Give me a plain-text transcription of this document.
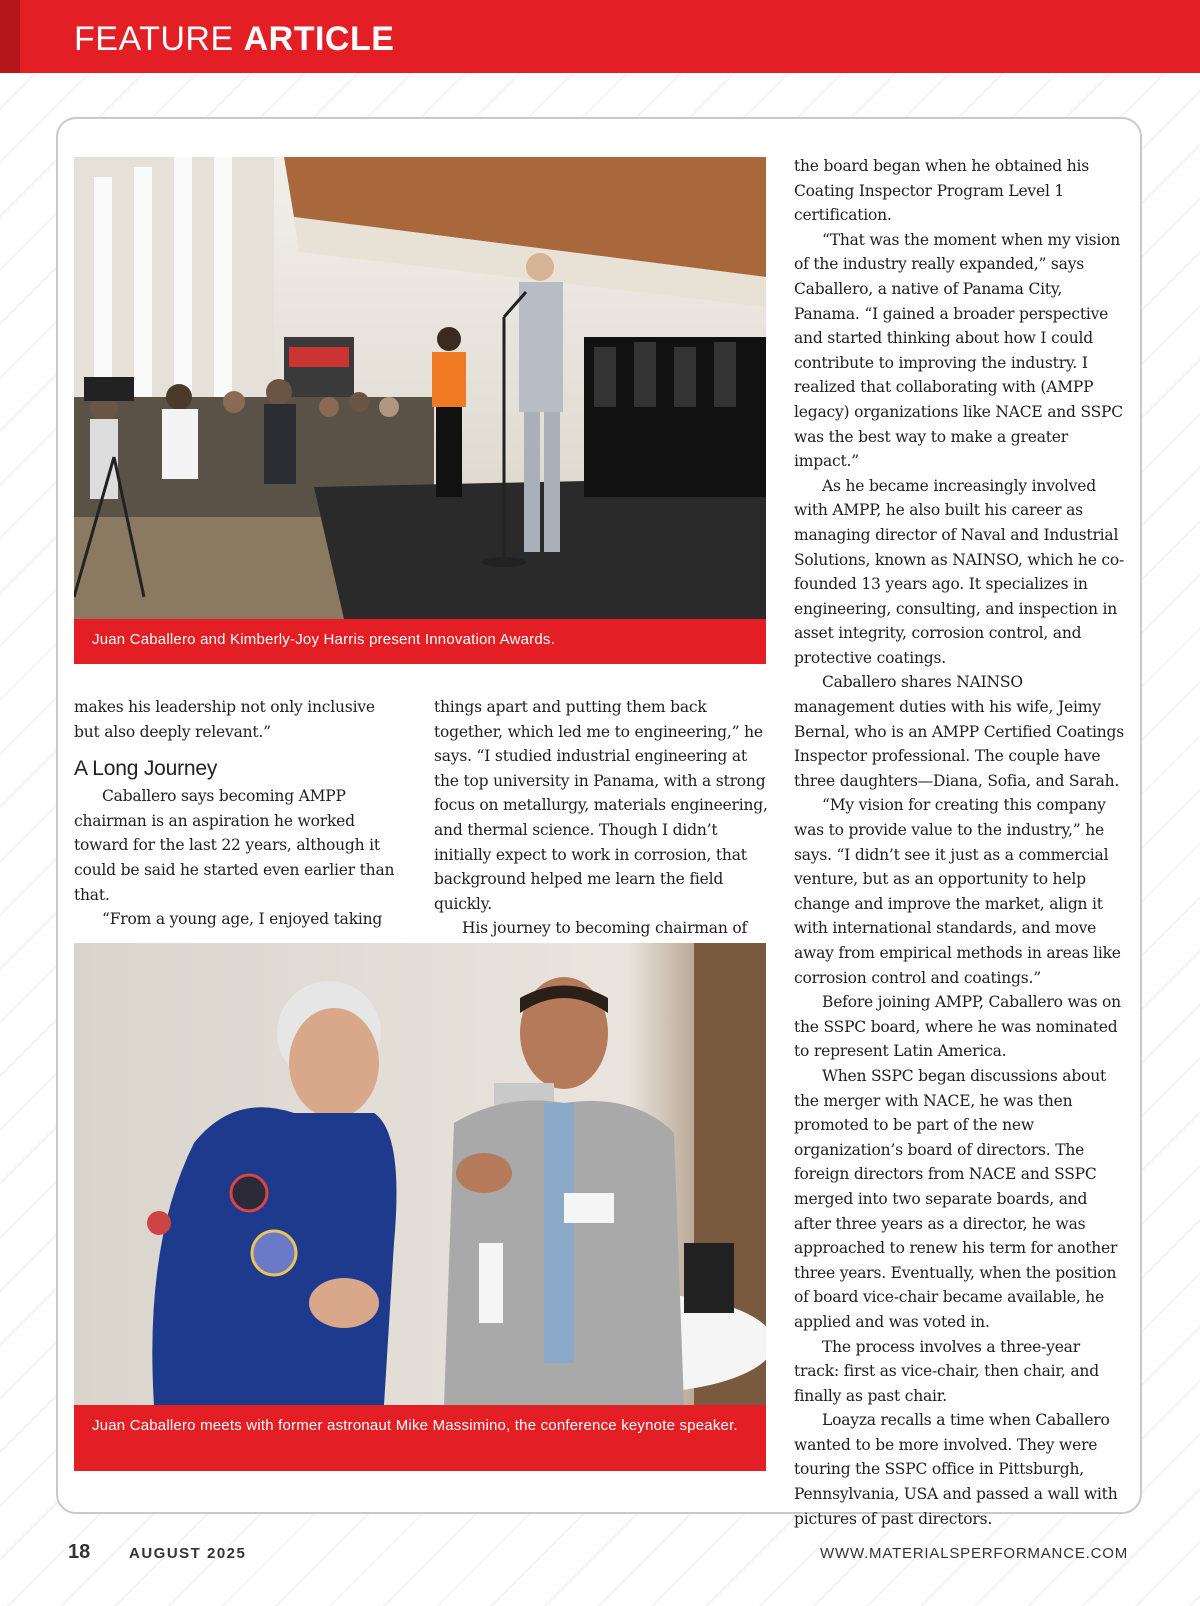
FEATURE ARTICLE
Juan Caballero and Kimberly-Joy Harris present Innovation Awards.

makes his leadership not only inclusive but also deeply relevant.”

A Long Journey

Caballero says becoming AMPP chairman is an aspiration he worked toward for the last 22 years, although it could be said he started even earlier than that.

“From a young age, I enjoyed taking

things apart and putting them back together, which led me to engineering,” he says. “I studied industrial engineering at the top university in Panama, with a strong focus on metallurgy, materials engineering, and thermal science. Though I didn’t initially expect to work in corrosion, that background helped me learn the field quickly.

His journey to becoming chairman of

Juan Caballero meets with former astronaut Mike Massimino, the conference keynote speaker.

the board began when he obtained his Coating Inspector Program Level 1 certification.

“That was the moment when my vision of the industry really expanded,” says Caballero, a native of Panama City, Panama. “I gained a broader perspective and started thinking about how I could contribute to improving the industry. I realized that collaborating with (AMPP legacy) organizations like NACE and SSPC was the best way to make a greater impact.”

As he became increasingly involved with AMPP, he also built his career as managing director of Naval and Industrial Solutions, known as NAINSO, which he co-founded 13 years ago. It specializes in engineering, consulting, and inspection in asset integrity, corrosion control, and protective coatings.

Caballero shares NAINSO management duties with his wife, Jeimy Bernal, who is an AMPP Certified Coatings Inspector professional. The couple have three daughters—Diana, Sofia, and Sarah.

“My vision for creating this company was to provide value to the industry,” he says. “I didn’t see it just as a commercial venture, but as an opportunity to help change and improve the market, align it with international standards, and move away from empirical methods in areas like corrosion control and coatings.”

Before joining AMPP, Caballero was on the SSPC board, where he was nominated to represent Latin America.

When SSPC began discussions about the merger with NACE, he was then promoted to be part of the new organization’s board of directors. The foreign directors from NACE and SSPC merged into two separate boards, and after three years as a director, he was approached to renew his term for another three years. Eventually, when the position of board vice-chair became available, he applied and was voted in.

The process involves a three-year track: first as vice-chair, then chair, and finally as past chair.

Loayza recalls a time when Caballero wanted to be more involved. They were touring the SSPC office in Pittsburgh, Pennsylvania, USA and passed a wall with pictures of past directors.

18	AUGUST 2025	WWW.MATERIALSPERFORMANCE.COM
